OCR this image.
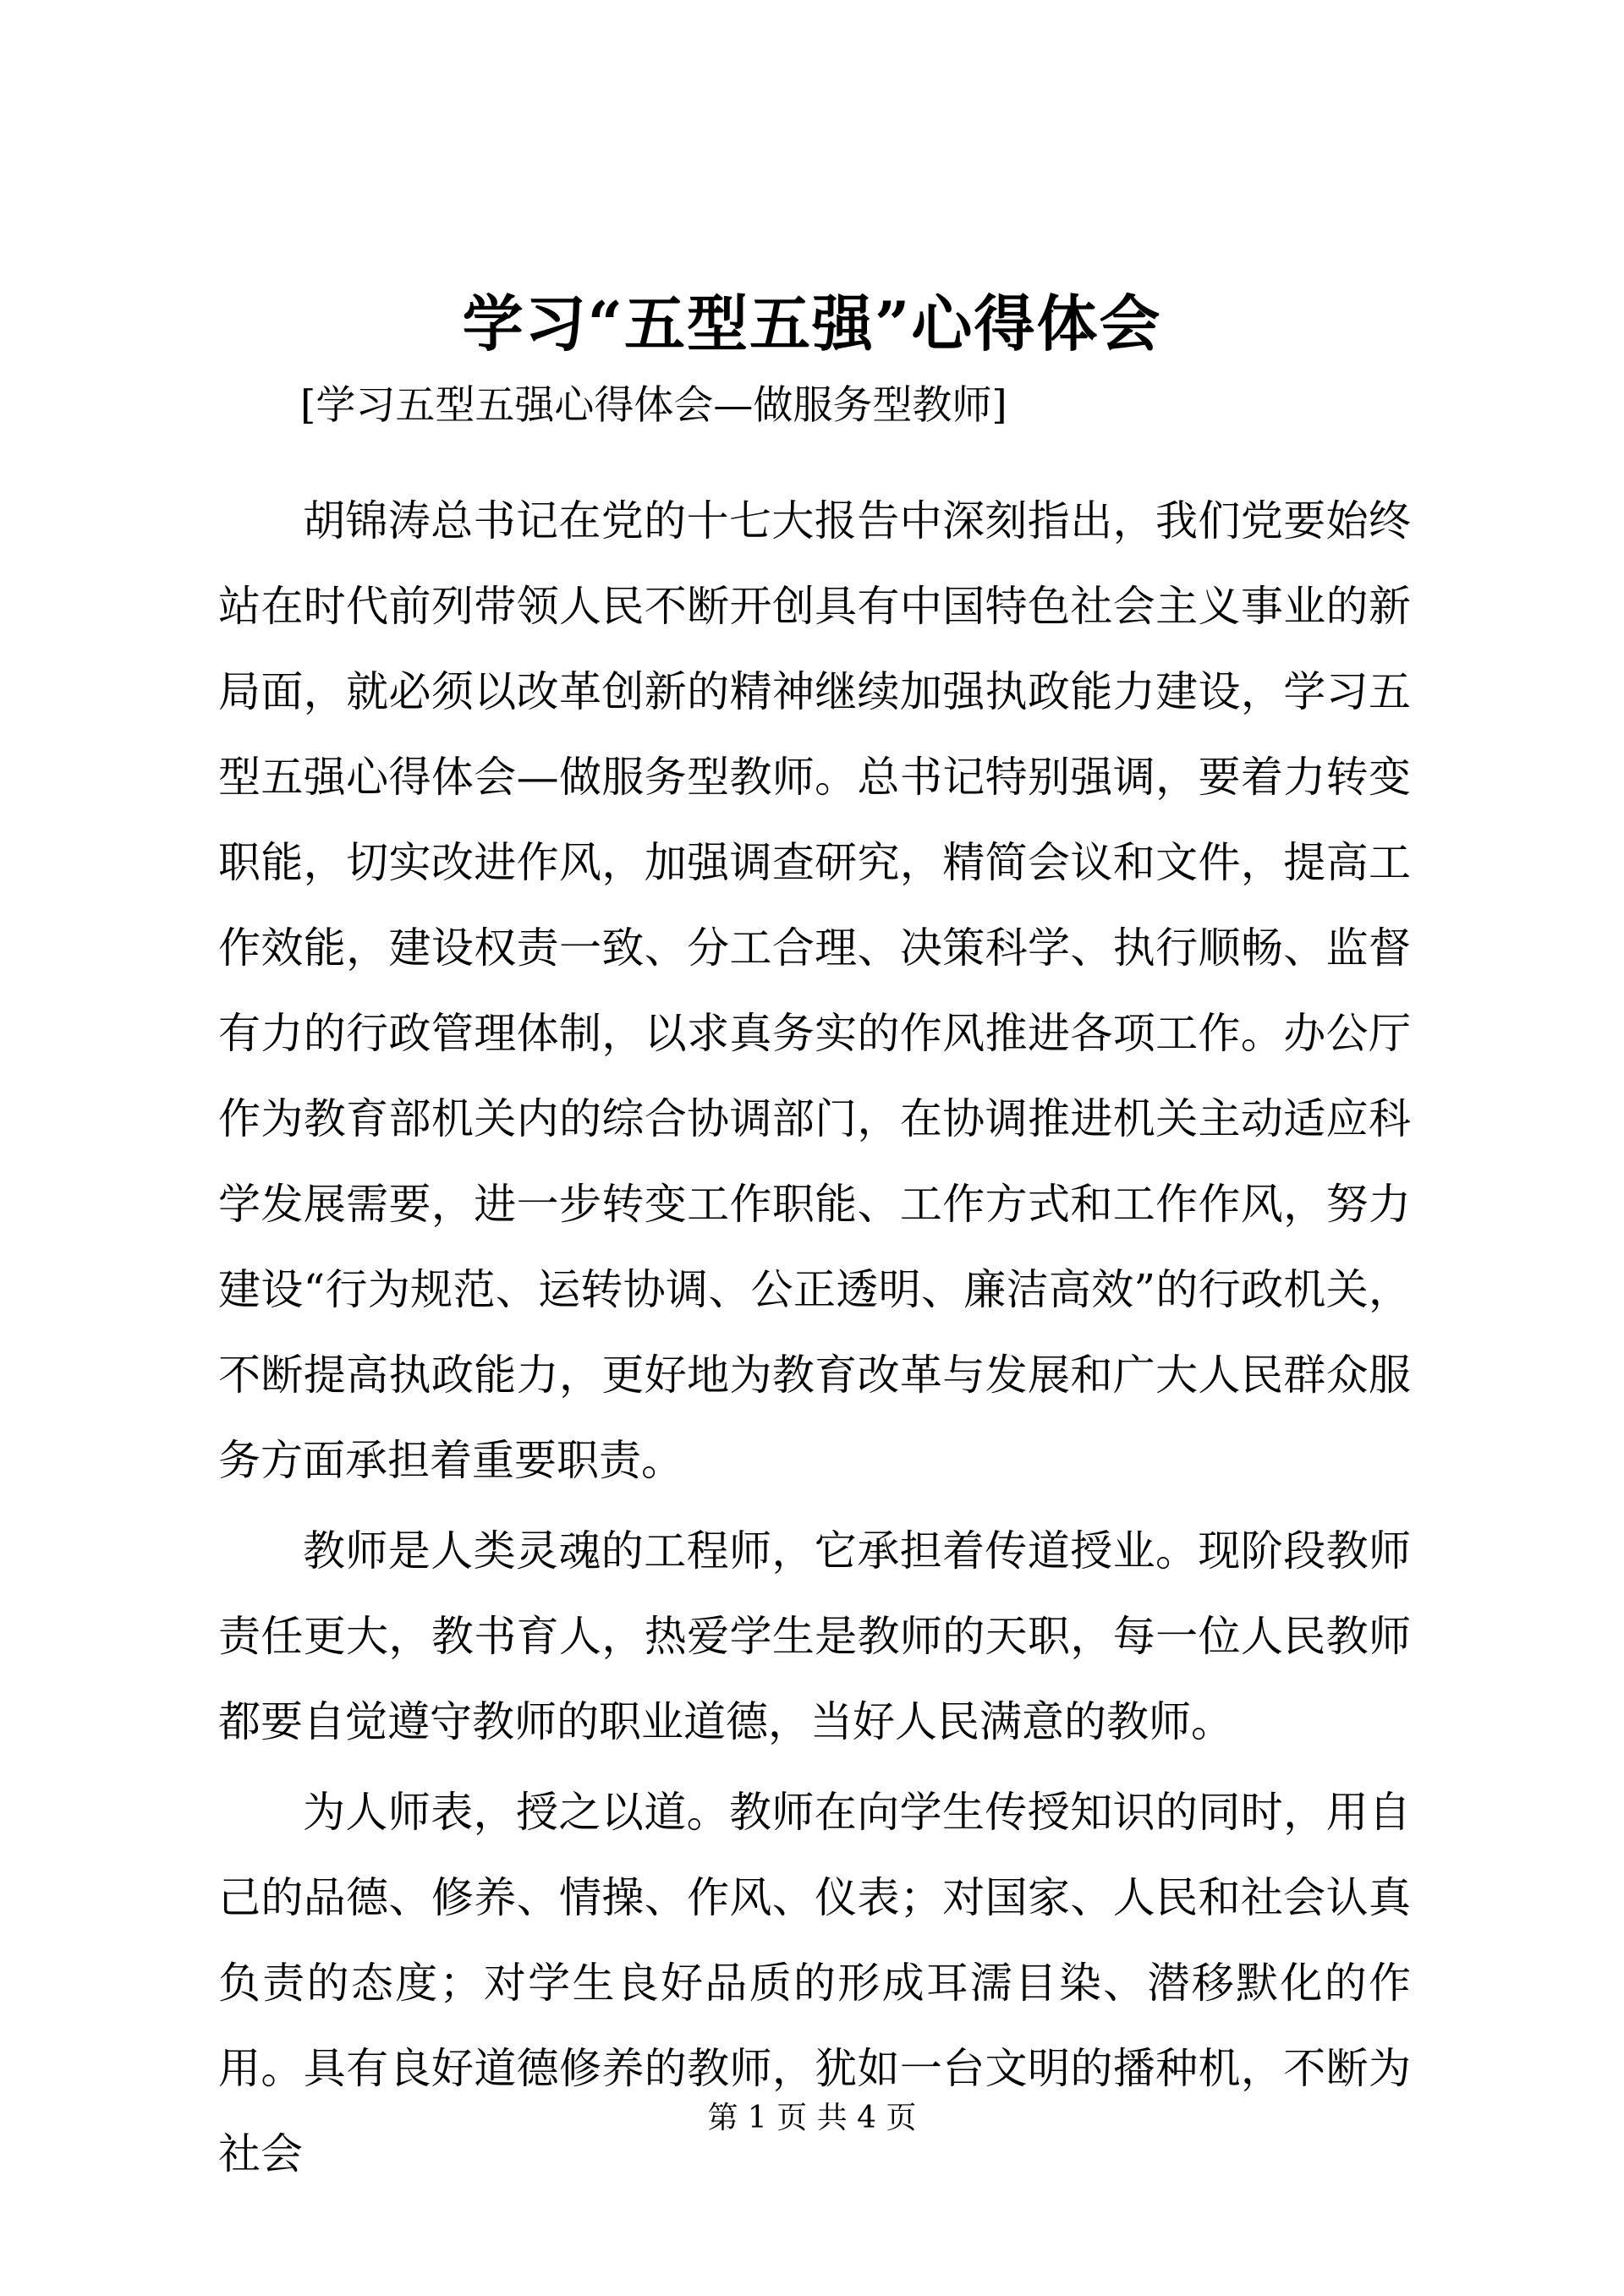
学习“五型五强”心得体会
[学习五型五强心得体会—做服务型教师]

胡锦涛总书记在党的十七大报告中深刻指出，我们党要始终站在时代前列带领人民不断开创具有中国特色社会主义事业的新局面，就必须以改革创新的精神继续加强执政能力建设，学习五型五强心得体会—做服务型教师。总书记特别强调，要着力转变职能，切实改进作风，加强调查研究，精简会议和文件，提高工作效能，建设权责一致、分工合理、决策科学、执行顺畅、监督有力的行政管理体制，以求真务实的作风推进各项工作。办公厅作为教育部机关内的综合协调部门，在协调推进机关主动适应科学发展需要，进一步转变工作职能、工作方式和工作作风，努力建设“行为规范、运转协调、公正透明、廉洁高效”的行政机关，不断提高执政能力，更好地为教育改革与发展和广大人民群众服务方面承担着重要职责。

教师是人类灵魂的工程师，它承担着传道授业。现阶段教师责任更大，教书育人，热爱学生是教师的天职，每一位人民教师都要自觉遵守教师的职业道德，当好人民满意的教师。

为人师表，授之以道。教师在向学生传授知识的同时，用自己的品德、修养、情操、作风、仪表；对国家、人民和社会认真负责的态度；对学生良好品质的形成耳濡目染、潜移默化的作用。具有良好道德修养的教师，犹如一台文明的播种机，不断为社会

第 1 页 共 4 页
